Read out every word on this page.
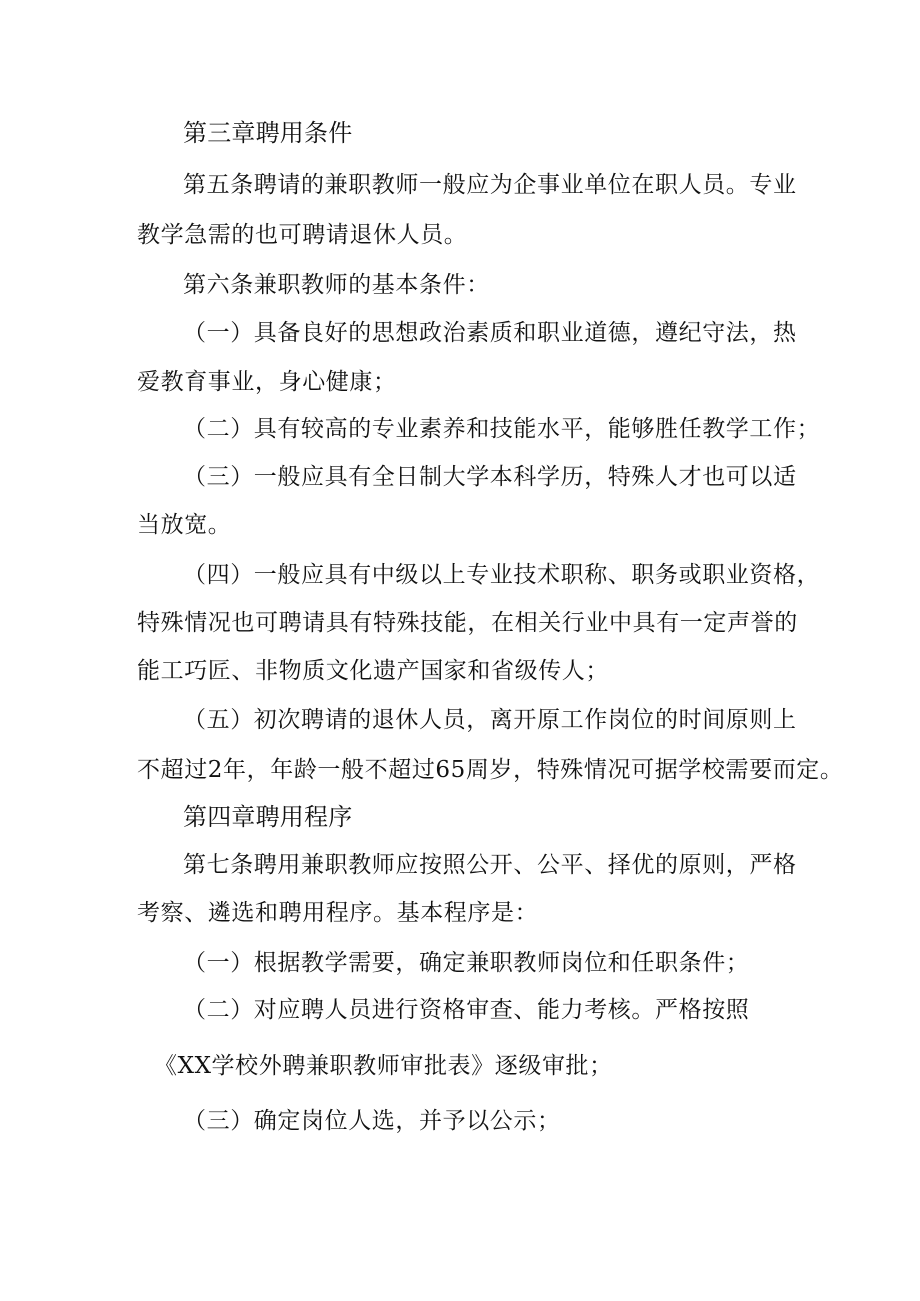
第三章聘用条件
第五条聘请的兼职教师一般应为企事业单位在职人员。专业
教学急需的也可聘请退休人员。
第六条兼职教师的基本条件：
（一）具备良好的思想政治素质和职业道德，遵纪守法，热
爱教育事业，身心健康；
（二）具有较高的专业素养和技能水平，能够胜任教学工作；
（三）一般应具有全日制大学本科学历，特殊人才也可以适
当放宽。
（四）一般应具有中级以上专业技术职称、职务或职业资格，
特殊情况也可聘请具有特殊技能，在相关行业中具有一定声誉的
能工巧匠、非物质文化遗产国家和省级传人；
（五）初次聘请的退休人员，离开原工作岗位的时间原则上
不超过2年，年龄一般不超过65周岁，特殊情况可据学校需要而定。
第四章聘用程序
第七条聘用兼职教师应按照公开、公平、择优的原则，严格
考察、遴选和聘用程序。基本程序是：
（一）根据教学需要，确定兼职教师岗位和任职条件；
（二）对应聘人员进行资格审查、能力考核。严格按照
《XX学校外聘兼职教师审批表》逐级审批；
（三）确定岗位人选，并予以公示；
